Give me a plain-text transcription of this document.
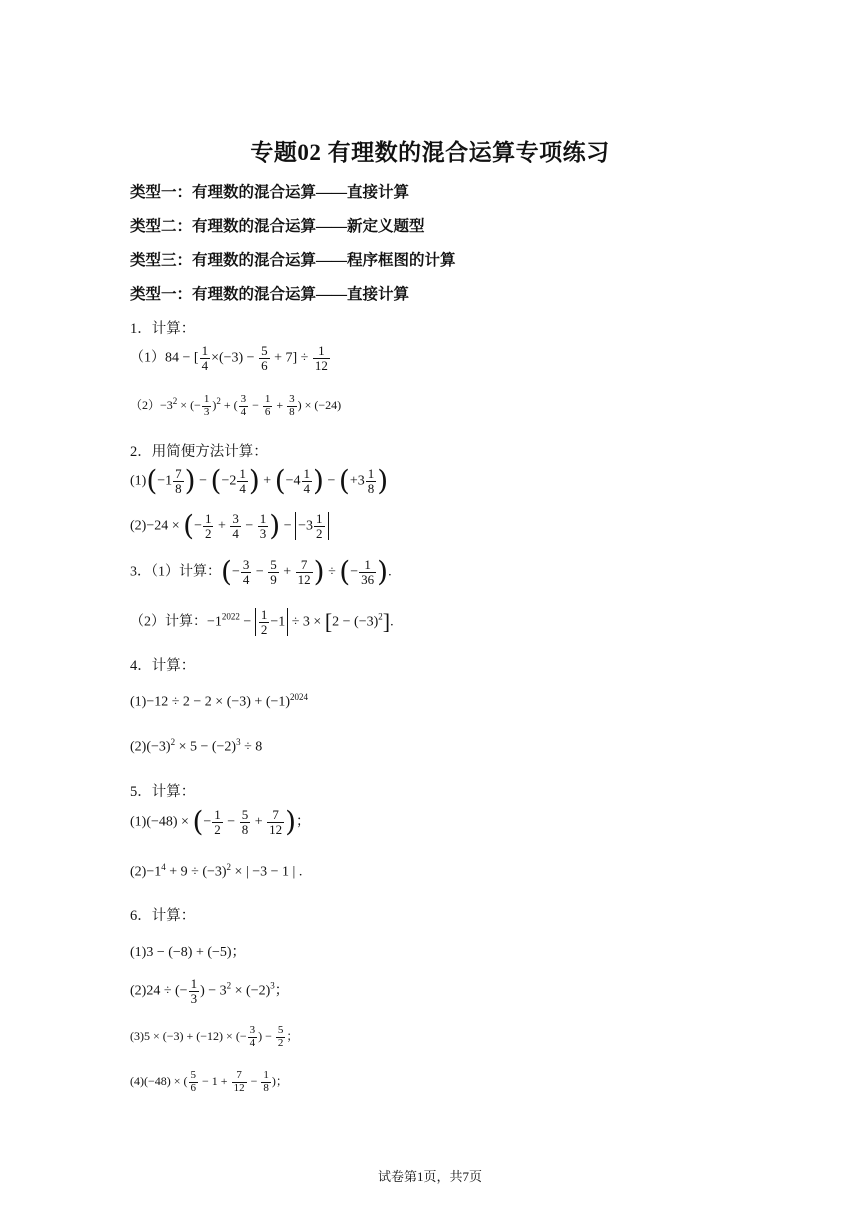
专题02 有理数的混合运算专项练习
类型一：有理数的混合运算——直接计算
类型二：有理数的混合运算——新定义题型
类型三：有理数的混合运算——程序框图的计算
类型一：有理数的混合运算——直接计算
1．计算：
（1）84 − [ $\frac{1}{4} \times(-3) - \frac{5}{6} + 7] \div \frac{1}{12}$
$(2)-3^2$ × (− $\frac{1}{3} )^2$ + ( $\frac{3}{4} - \frac{1}{6} + \frac{3}{8}$ ) × (−24)
2．用简便方法计算：
$(1)(-1 \frac{7}{8}$ ) − ($-2 \frac{1}{4}$ ) + ($-4 \frac{1}{4}$ ) − ($+3 \frac{1}{8}$ )
(2)−24 × (− $\frac{1}{2} + \frac{3}{4} - \frac{1}{3}$ ) − $-3 \frac{1}{2}$
3．（1）计算：(− $\frac{3}{4} - \frac{5}{9} + \frac{7}{12}$ ) ÷ (− $\frac{1}{36}$ ).
（2）计算：$-1^{2022} - \frac{1}{2} -1 \div 3 \times [2 - (-3)^2]$.
4．计算：
$(1)-12 \div 2 - 2 \times (-3) + (-1)^{2024}$
$(2)(-3)^2 \times 5 - (-2)^3 \div 8$
5．计算：
(1)(−48) × (− $\frac{1}{2} - \frac{5}{8} + \frac{7}{12}$ )；
$(2)-1^4 + 9 \div (-3)^2$ × | −3 − 1 | .
6．计算：
(1)3 − (−8) + (−5)；
(2)24 ÷ (− $\frac{1}{3}$ ) − $3^2 \times (-2)^3$；
(3)5 × (−3) + (−12) × (− $\frac{3}{4}$ ) − $\frac{5}{2}$ ；
(4)(−48) × ( $\frac{5}{6} - 1 + \frac{7}{12} - \frac{1}{8}$ )；
试卷第1页，共7页
